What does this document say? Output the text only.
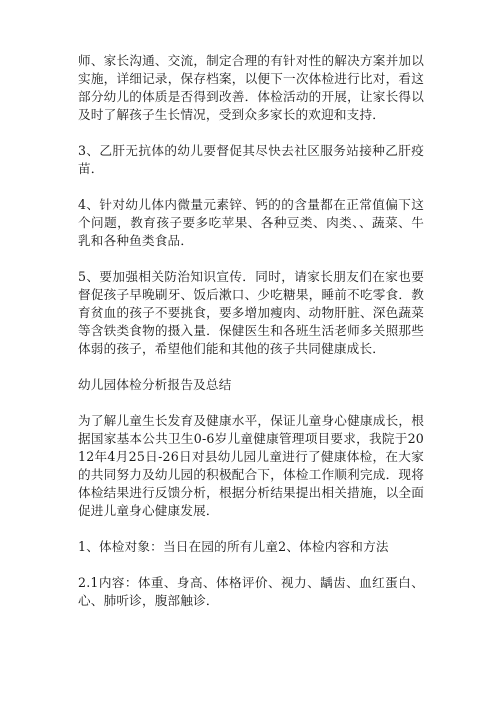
师、家长沟通、交流，制定合理的有针对性的解决方案并加以实施，详细记录，保存档案，以便下一次体检进行比对，看这部分幼儿的体质是否得到改善．体检活动的开展，让家长得以及时了解孩子生长情况，受到众多家长的欢迎和支持．

3、乙肝无抗体的幼儿要督促其尽快去社区服务站接种乙肝疫苗．

4、针对幼儿体内微量元素锌、钙的的含量都在正常值偏下这个问题，教育孩子要多吃苹果、各种豆类、肉类、、蔬菜、牛乳和各种鱼类食品．

5、要加强相关防治知识宣传．同时，请家长朋友们在家也要督促孩子早晚刷牙、饭后漱口、少吃糖果，睡前不吃零食．教育贫血的孩子不要挑食，要多增加瘦肉、动物肝脏、深色蔬菜等含铁类食物的摄入量．保健医生和各班生活老师多关照那些体弱的孩子，希望他们能和其他的孩子共同健康成长．

幼儿园体检分析报告及总结

为了解儿童生长发育及健康水平，保证儿童身心健康成长，根据国家基本公共卫生0-6岁儿童健康管理项目要求，我院于2012年4月25日-26日对县幼儿园儿童进行了健康体检，在大家的共同努力及幼儿园的积极配合下，体检工作顺利完成．现将体检结果进行反馈分析，根据分析结果提出相关措施，以全面促进儿童身心健康发展．

1、体检对象：当日在园的所有儿童2、体检内容和方法

2.1内容：体重、身高、体格评价、视力、龋齿、血红蛋白、心、肺听诊，腹部触诊．
